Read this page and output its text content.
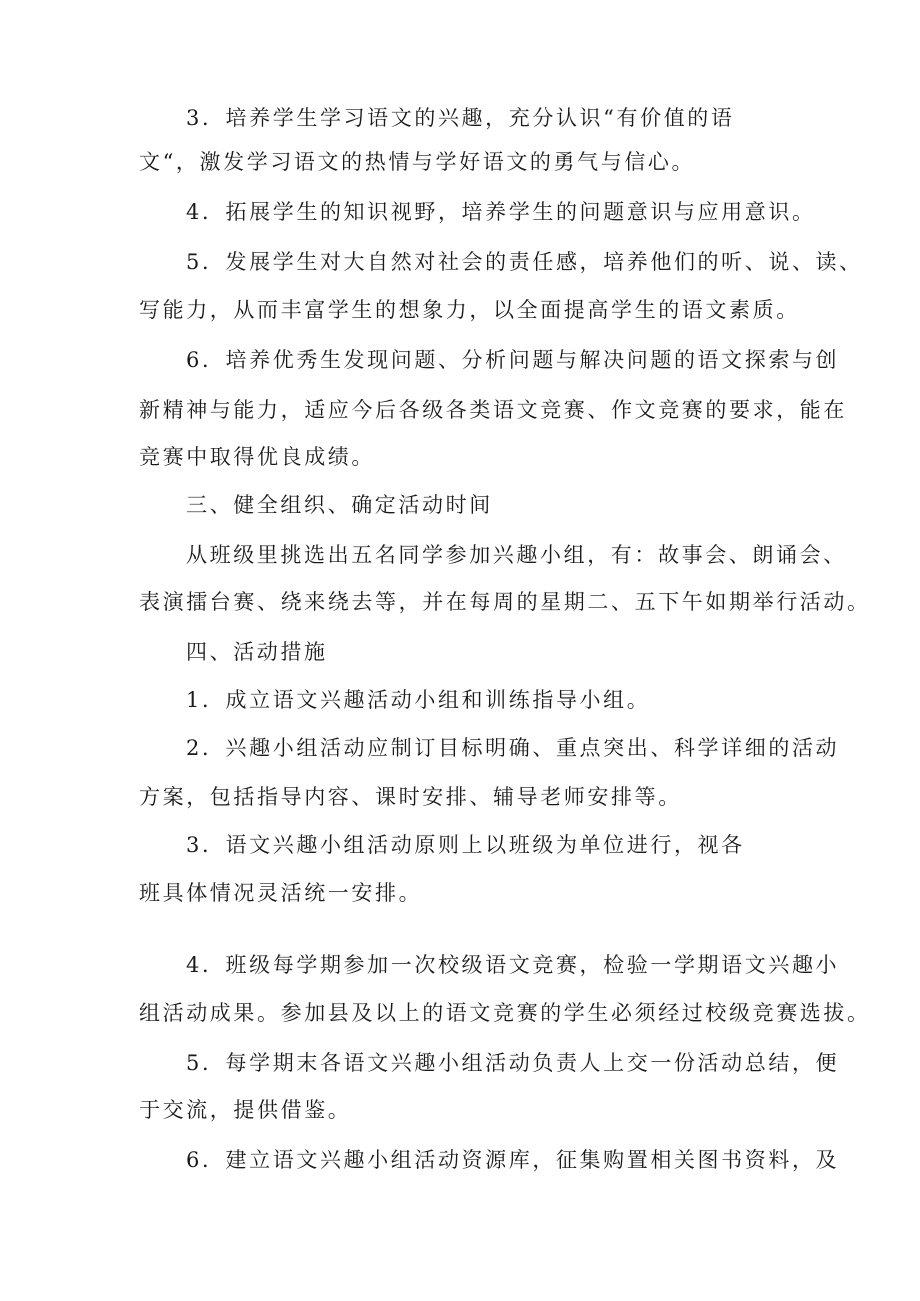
3．培养学生学习语文的兴趣，充分认识“有价值的语
文“，激发学习语文的热情与学好语文的勇气与信心。
4．拓展学生的知识视野，培养学生的问题意识与应用意识。
5．发展学生对大自然对社会的责任感，培养他们的听、说、读、
写能力，从而丰富学生的想象力，以全面提高学生的语文素质。
6．培养优秀生发现问题、分析问题与解决问题的语文探索与创
新精神与能力，适应今后各级各类语文竞赛、作文竞赛的要求，能在
竞赛中取得优良成绩。
三、健全组织、确定活动时间
从班级里挑选出五名同学参加兴趣小组，有：故事会、朗诵会、
表演擂台赛、绕来绕去等，并在每周的星期二、五下午如期举行活动。
四、活动措施
1．成立语文兴趣活动小组和训练指导小组。
2．兴趣小组活动应制订目标明确、重点突出、科学详细的活动
方案，包括指导内容、课时安排、辅导老师安排等。
3．语文兴趣小组活动原则上以班级为单位进行，视各
班具体情况灵活统一安排。
4．班级每学期参加一次校级语文竞赛，检验一学期语文兴趣小
组活动成果。参加县及以上的语文竞赛的学生必须经过校级竞赛选拔。
5．每学期末各语文兴趣小组活动负责人上交一份活动总结，便
于交流，提供借鉴。
6．建立语文兴趣小组活动资源库，征集购置相关图书资料，及
